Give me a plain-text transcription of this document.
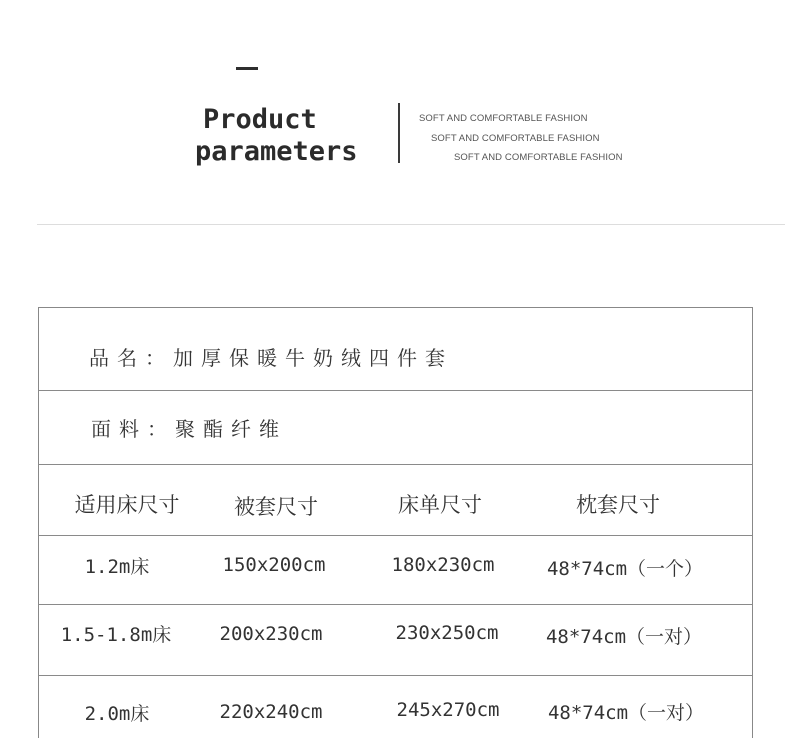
Product
parameters
SOFT AND COMFORTABLE FASHION
SOFT AND COMFORTABLE FASHION
SOFT AND COMFORTABLE FASHION
品名：加厚保暖牛奶绒四件套
面料：聚酯纤维
适用床尺寸	被套尺寸	床单尺寸	枕套尺寸
1.2m床	150x200cm	180x230cm	48*74cm（一个）
1.5-1.8m床	200x230cm	230x250cm 48*74cm（一对）
2.0m床	220x240cm	245x270cm	48*74cm（一对）
